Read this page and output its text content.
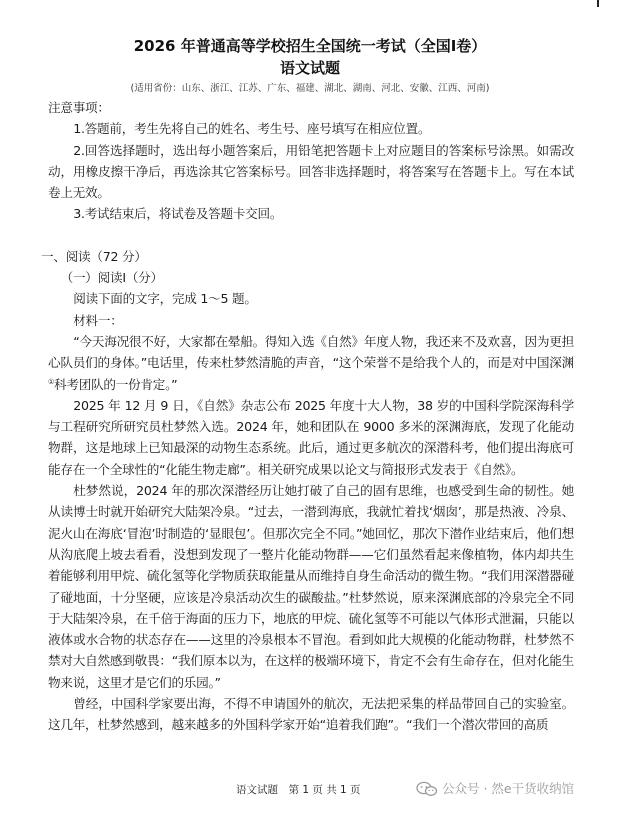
2026 年普通高等学校招生全国统一考试（全国Ⅰ卷）
语文试题
(适用省份：山东、浙江、江苏、广东、福建、湖北、湖南、河北、安徽、江西、河南)

注意事项：

1.答题前，考生先将自己的姓名、考生号、座号填写在相应位置。

2.回答选择题时，选出每小题答案后，用铅笔把答题卡上对应题目的答案标号涂黑。如需改动，用橡皮擦干净后，再选涂其它答案标号。回答非选择题时，将答案写在答题卡上。写在本试卷上无效。

3.考试结束后，将试卷及答题卡交回。

一、阅读（72 分）

（一）阅读Ⅰ（分）

阅读下面的文字，完成 1～5 题。

材料一：

“今天海况很不好，大家都在晕船。得知入选《自然》年度人物，我还来不及欢喜，因为更担心队员们的身体。”电话里，传来杜梦然清脆的声音，“这个荣誉不是给我个人的，而是对中国深渊①科考团队的一份肯定。”

2025 年 12 月 9 日，《自然》杂志公布 2025 年度十大人物，38 岁的中国科学院深海科学与工程研究所研究员杜梦然入选。2024 年，她和团队在 9000 多米的深渊海底，发现了化能动物群，这是地球上已知最深的动物生态系统。此后，通过更多航次的深潜科考，他们提出海底可能存在一个全球性的“化能生物走廊”。相关研究成果以论文与简报形式发表于《自然》。

杜梦然说，2024 年的那次深潜经历让她打破了自己的固有思维，也感受到生命的韧性。她从读博士时就开始研究大陆架冷泉。“过去，一潜到海底，我就忙着找‘烟囱’，那是热液、冷泉、泥火山在海底‘冒泡’时制造的‘显眼包’。但那次完全不同。”她回忆，那次下潜作业结束后，他们想从沟底爬上坡去看看，没想到发现了一整片化能动物群——它们虽然看起来像植物，体内却共生着能够利用甲烷、硫化氢等化学物质获取能量从而维持自身生命活动的微生物。“我们用深潜器碰了碰地面，十分坚硬，应该是冷泉活动次生的碳酸盐。”杜梦然说，原来深渊底部的冷泉完全不同于大陆架冷泉，在千倍于海面的压力下，地底的甲烷、硫化氢等不可能以气体形式泄漏，只能以液体或水合物的状态存在——这里的冷泉根本不冒泡。看到如此大规模的化能动物群，杜梦然不禁对大自然感到敬畏：“我们原本以为，在这样的极端环境下，肯定不会有生命存在，但对化能生物来说，这里才是它们的乐园。”

曾经，中国科学家要出海，不得不申请国外的航次，无法把采集的样品带回自己的实验室。这几年，杜梦然感到，越来越多的外国科学家开始“追着我们跑”。“我们一个潜次带回的高质

语文试题　第 1 页 共 1 页	公众号 · 然e干货收纳馆
